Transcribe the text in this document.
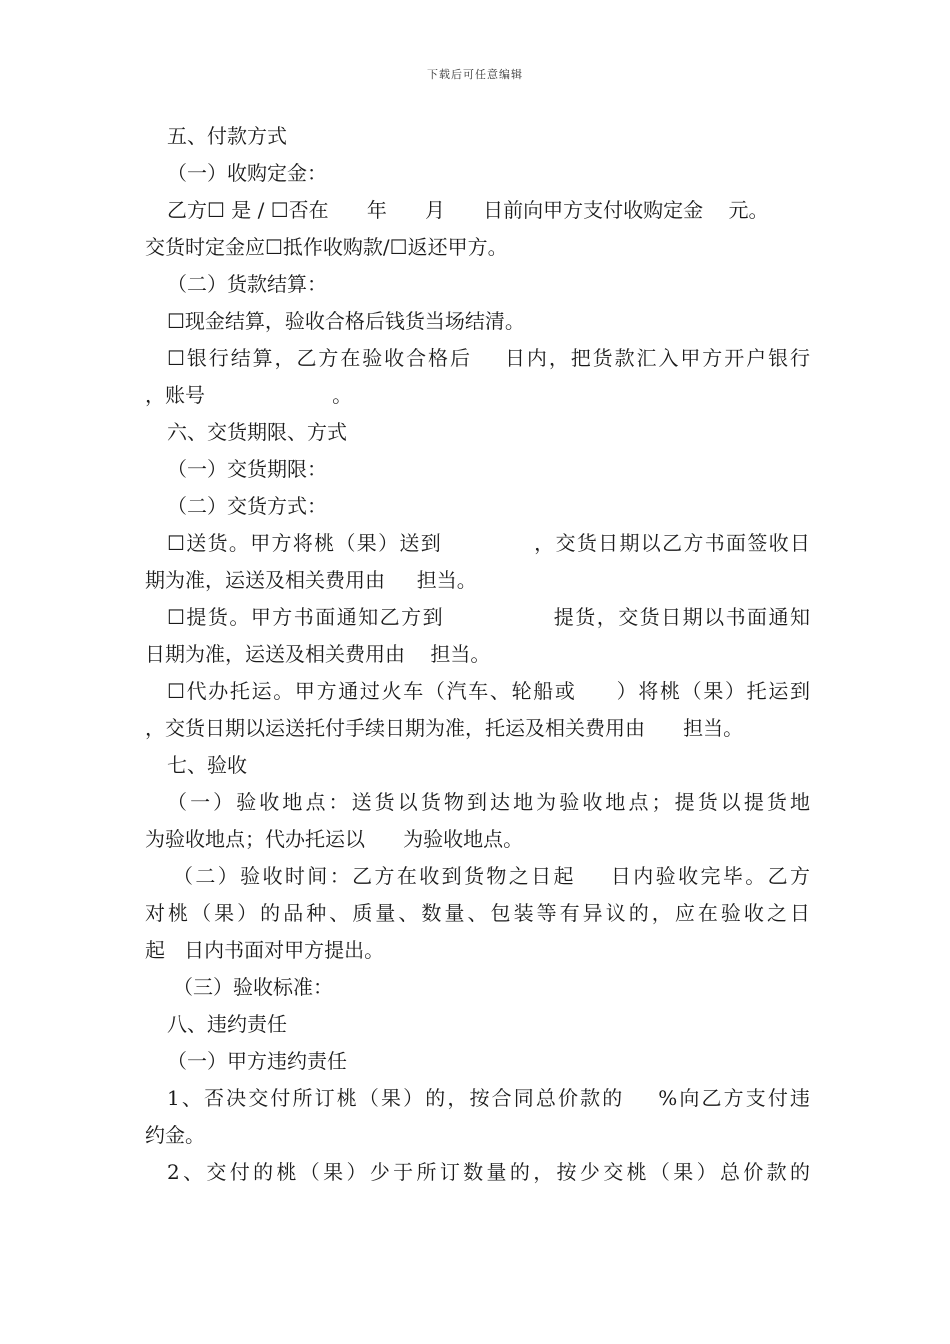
下载后可任意编辑
五、付款方式
（一）收购定金：
乙方☐ 是 / ☐否在      年      月      日前向甲方支付收购定金    元。
交货时定金应☐抵作收购款/☐返还甲方。
（二）货款结算：
☐现金结算，验收合格后钱货当场结清。
☐银行结算，乙方在验收合格后    日内，把货款汇入甲方开户银行
，账号                    。
六、交货期限、方式
（一）交货期限：
（二）交货方式：
☐送货。甲方将桃（果）送到            ，交货日期以乙方书面签收日
期为准，运送及相关费用由     担当。
☐提货。甲方书面通知乙方到              提货，交货日期以书面通知
日期为准，运送及相关费用由    担当。
☐代办托运。甲方通过火车（汽车、轮船或     ）将桃（果）托运到
，交货日期以运送托付手续日期为准，托运及相关费用由      担当。
七、验收
（一）验收地点：送货以货物到达地为验收地点；提货以提货地
为验收地点；代办托运以      为验收地点。
（二）验收时间：乙方在收到货物之日起    日内验收完毕。乙方
对桃（果）的品种、质量、数量、包装等有异议的，应在验收之日
起   日内书面对甲方提出。
（三）验收标准：
八、违约责任
（一）甲方违约责任
1、否决交付所订桃（果）的，按合同总价款的    %向乙方支付违
约金。
2、交付的桃（果）少于所订数量的，按少交桃（果）总价款的
